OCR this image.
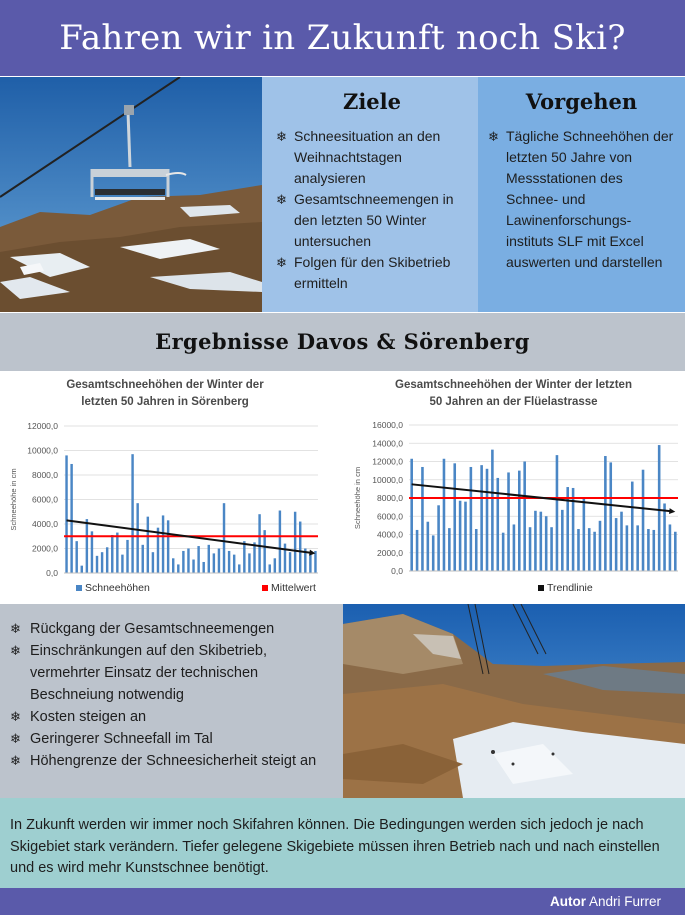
Fahren wir in Zukunft noch Ski?
Ziele
❄ Schneesituation an den Weihnachtstagen analysieren
❄ Gesamtschneemengen in den letzten 50 Winter untersuchen
❄ Folgen für den Skibetrieb ermitteln
Vorgehen
❄ Tägliche Schneehöhen der letzten 50 Jahre von Messstationen des Schnee- und Lawinenforschungs-instituts SLF mit Excel auswerten und darstellen
Ergebnisse Davos & Sörenberg
Gesamtschneehöhen der Winter der
letzten 50 Jahren in Sörenberg
0,0
2000,0
4000,0
6000,0
8000,0
10000,0
12000,0
Schneehöhe in cm
Schneehöhen	Mittelwert
Gesamtschneehöhen der Winter der letzten
50 Jahren an der Flüelastrasse
0,0
2000,0
4000,0
6000,0
8000,0
10000,0
12000,0
14000,0
16000,0
Schneehöhe in cm
Trendlinie
❄ Rückgang der Gesamtschneemengen
❄ Einschränkungen auf den Skibetrieb, vermehrter Einsatz der technischen Beschneiung notwendig
❄ Kosten steigen an
❄ Geringerer Schneefall im Tal
❄ Höhengrenze der Schneesicherheit steigt an

In Zukunft werden wir immer noch Skifahren können. Die Bedingungen werden sich jedoch je nach Skigebiet stark verändern. Tiefer gelegene Skigebiete müssen ihren Betrieb nach und nach einstellen und es wird mehr Kunstschnee benötigt.

Autor Andri Furrer
